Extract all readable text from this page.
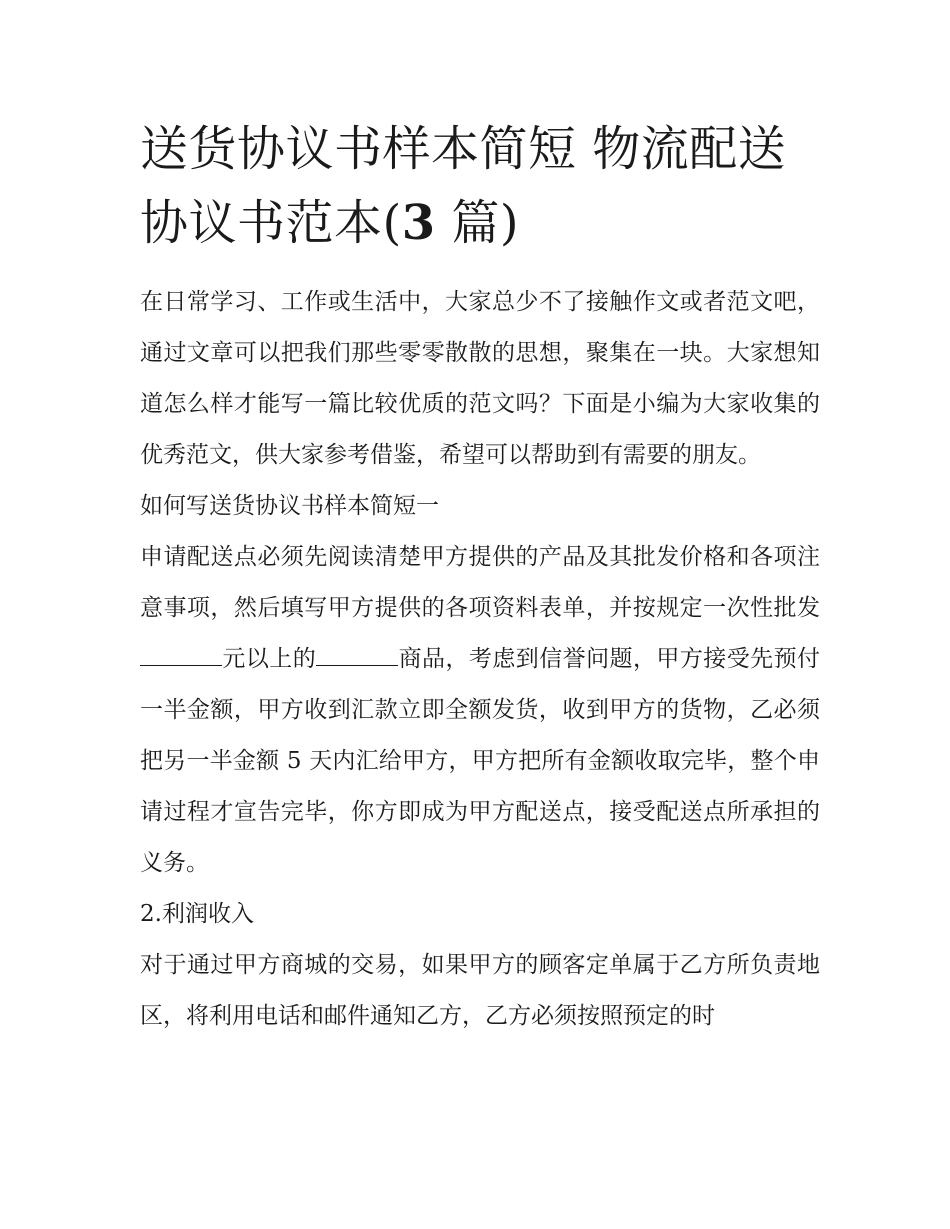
送货协议书样本简短 物流配送协议书范本(3 篇)

在日常学习、工作或生活中，大家总少不了接触作文或者范文吧，通过文章可以把我们那些零零散散的思想，聚集在一块。大家想知道怎么样才能写一篇比较优质的范文吗？下面是小编为大家收集的优秀范文，供大家参考借鉴，希望可以帮助到有需要的朋友。

如何写送货协议书样本简短一

申请配送点必须先阅读清楚甲方提供的产品及其批发价格和各项注意事项，然后填写甲方提供的各项资料表单，并按规定一次性批发元以上的	商品，考虑到信誉问题，甲方接受先预付一半金额，甲方收到汇款立即全额发货，收到甲方的货物，乙必须把另一半金额 5 天内汇给甲方，甲方把所有金额收取完毕，整个申请过程才宣告完毕，你方即成为甲方配送点，接受配送点所承担的义务。

2.利润收入

对于通过甲方商城的交易，如果甲方的顾客定单属于乙方所负责地区，将利用电话和邮件通知乙方，乙方必须按照预定的时
